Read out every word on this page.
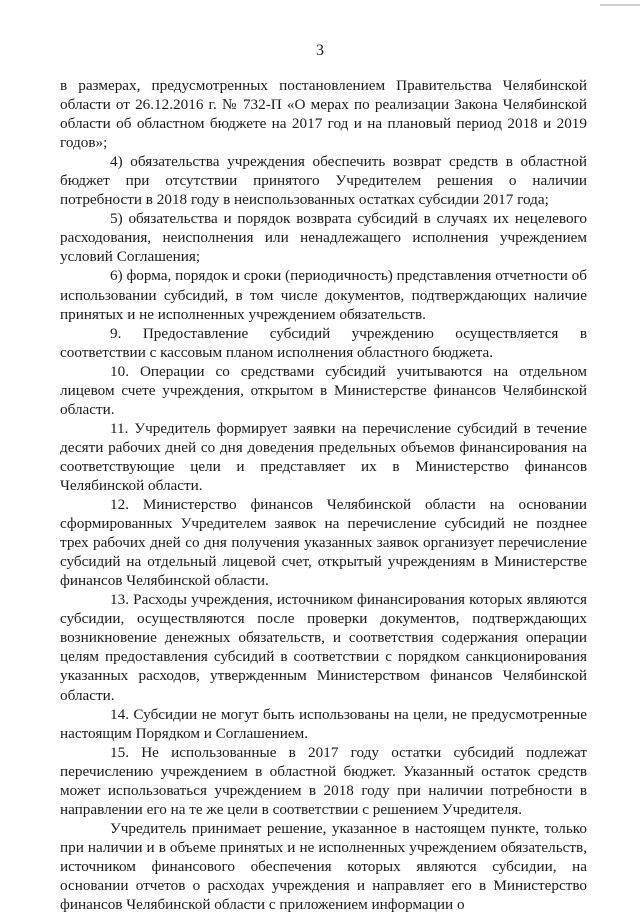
3

в размерах, предусмотренных постановлением Правительства Челябинской области от 26.12.2016 г. № 732-П «О мерах по реализации Закона Челябинской области об областном бюджете на 2017 год и на плановый период 2018 и 2019 годов»;

4) обязательства учреждения обеспечить возврат средств в областной бюджет при отсутствии принятого Учредителем решения о наличии потребности в 2018 году в неиспользованных остатках субсидии 2017 года;

5) обязательства и порядок возврата субсидий в случаях их нецелевого расходования, неисполнения или ненадлежащего исполнения учреждением условий Соглашения;

6) форма, порядок и сроки (периодичность) представления отчетности об использовании субсидий, в том числе документов, подтверждающих наличие принятых и не исполненных учреждением обязательств.

9. Предоставление субсидий учреждению осуществляется в соответствии с кассовым планом исполнения областного бюджета.

10. Операции со средствами субсидий учитываются на отдельном лицевом счете учреждения, открытом в Министерстве финансов Челябинской области.

11. Учредитель формирует заявки на перечисление субсидий в течение десяти рабочих дней со дня доведения предельных объемов финансирования на соответствующие цели и представляет их в Министерство финансов Челябинской области.

12. Министерство финансов Челябинской области на основании сформированных Учредителем заявок на перечисление субсидий не позднее трех рабочих дней со дня получения указанных заявок организует перечисление субсидий на отдельный лицевой счет, открытый учреждениям в Министерстве финансов Челябинской области.

13. Расходы учреждения, источником финансирования которых являются субсидии, осуществляются после проверки документов, подтверждающих возникновение денежных обязательств, и соответствия содержания операции целям предоставления субсидий в соответствии с порядком санкционирования указанных расходов, утвержденным Министерством финансов Челябинской области.

14. Субсидии не могут быть использованы на цели, не предусмотренные настоящим Порядком и Соглашением.

15. Не использованные в 2017 году остатки субсидий подлежат перечислению учреждением в областной бюджет. Указанный остаток средств может использоваться учреждением в 2018 году при наличии потребности в направлении его на те же цели в соответствии с решением Учредителя.

Учредитель принимает решение, указанное в настоящем пункте, только при наличии и в объеме принятых и не исполненных учреждением обязательств, источником финансового обеспечения которых являются субсидии, на основании отчетов о расходах учреждения и направляет его в Министерство финансов Челябинской области с приложением информации о
